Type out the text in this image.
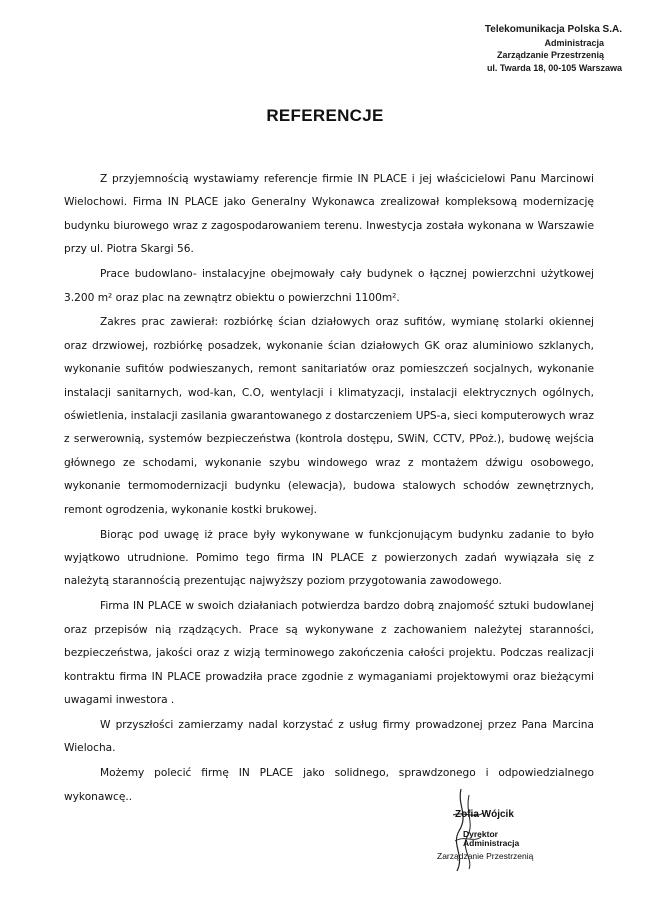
Telekomunikacja Polska S.A.
Administracja
Zarządzanie Przestrzenią
ul. Twarda 18, 00-105 Warszawa
REFERENCJE

Z przyjemnością wystawiamy referencje firmie IN PLACE i jej właścicielowi Panu Marcinowi Wielochowi. Firma IN PLACE jako Generalny Wykonawca zrealizował kompleksową modernizację budynku biurowego wraz z zagospodarowaniem terenu. Inwestycja została wykonana w Warszawie przy ul. Piotra Skargi 56.

Prace budowlano- instalacyjne obejmowały cały budynek o łącznej powierzchni użytkowej 3.200 m² oraz plac na zewnątrz obiektu o powierzchni 1100m².

Zakres prac zawierał: rozbiórkę ścian działowych oraz sufitów, wymianę stolarki okiennej oraz drzwiowej, rozbiórkę posadzek, wykonanie ścian działowych GK oraz aluminiowo szklanych, wykonanie sufitów podwieszanych, remont sanitariatów oraz pomieszczeń socjalnych, wykonanie instalacji sanitarnych, wod-kan, C.O, wentylacji i klimatyzacji, instalacji elektrycznych ogólnych, oświetlenia, instalacji zasilania gwarantowanego z dostarczeniem UPS-a, sieci komputerowych wraz z serwerownią, systemów bezpieczeństwa (kontrola dostępu, SWiN, CCTV, PPoż.), budowę wejścia głównego ze schodami, wykonanie szybu windowego wraz z montażem dźwigu osobowego, wykonanie termomodernizacji budynku (elewacja), budowa stalowych schodów zewnętrznych, remont ogrodzenia, wykonanie kostki brukowej.

Biorąc pod uwagę iż prace były wykonywane w funkcjonującym budynku zadanie to było wyjątkowo utrudnione. Pomimo tego firma IN PLACE z powierzonych zadań wywiązała się z należytą starannością prezentując najwyższy poziom przygotowania zawodowego.

Firma IN PLACE w swoich działaniach potwierdza bardzo dobrą znajomość sztuki budowlanej oraz przepisów nią rządzących. Prace są wykonywane z zachowaniem należytej staranności, bezpieczeństwa, jakości oraz z wizją terminowego zakończenia całości projektu. Podczas realizacji kontraktu firma IN PLACE prowadziła prace zgodnie z wymaganiami projektowymi oraz bieżącymi uwagami inwestora .

W przyszłości zamierzamy nadal korzystać z usług firmy prowadzonej przez Pana Marcina Wielocha.

Możemy polecić firmę IN PLACE jako solidnego, sprawdzonego i odpowiedzialnego wykonawcę..

Zofia Wójcik
Dyrektor
Administracja
Zarządzanie Przestrzenią
